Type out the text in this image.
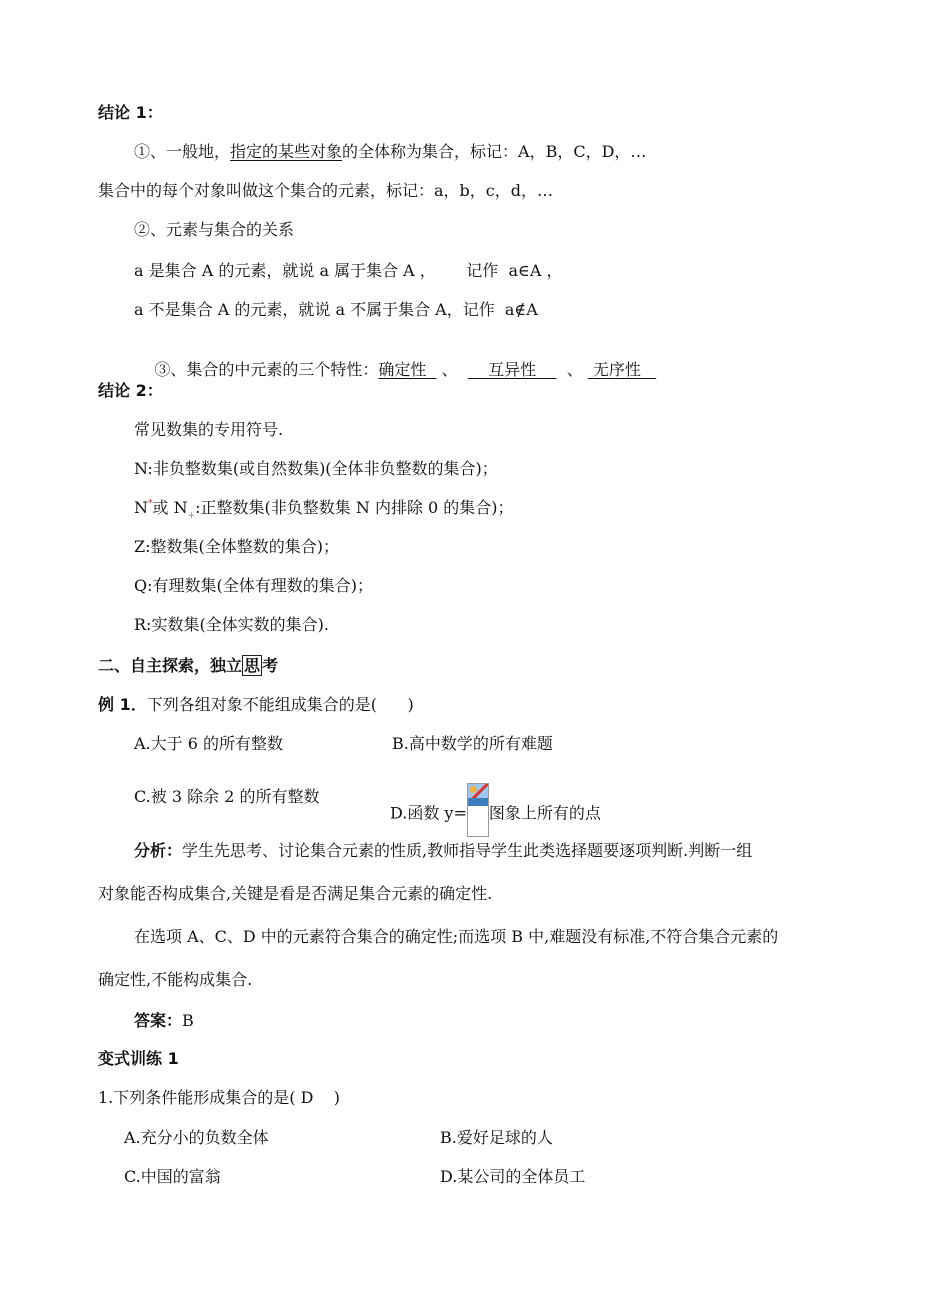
结论 1：
①、一般地，指定的某些对象的全体称为集合，标记：A，B，C，D，…
集合中的每个对象叫做这个集合的元素，标记：a，b，c，d，…
②、元素与集合的关系
a 是集合 A 的元素，就说 a 属于集合 A ，      记作  a∈A ，
a 不是集合 A 的元素，就说 a 不属于集合 A，记作  a∉A

③、集合的中元素的三个特性：确定性   、      互异性      、  无序性

结论 2：
常见数集的专用符号.
N:非负整数集(或自然数集)(全体非负整数的集合)；
N*或 $N_+$:正整数集(非负整数集 N 内排除 0 的集合)；
Z:整数集(全体整数的集合)；
Q:有理数集(全体有理数的集合)；
R:实数集(全体实数的集合).
二、自主探索，独立 思 考
例 1．下列各组对象不能组成集合的是(      )
A.大于 6 的所有整数	B.高中数学的所有难题
C.被 3 除余 2 的所有整数
D.函数 y= 图象上所有的点
分析：学生先思考、讨论集合元素的性质,教师指导学生此类选择题要逐项判断.判断一组
对象能否构成集合,关键是看是否满足集合元素的确定性.
在选项 A、C、D 中的元素符合集合的确定性;而选项 B 中,难题没有标准,不符合集合元素的
确定性,不能构成集合.
答案：B
变式训练 1
1.下列条件能形成集合的是( D    )
A.充分小的负数全体	B.爱好足球的人
C.中国的富翁	D.某公司的全体员工
